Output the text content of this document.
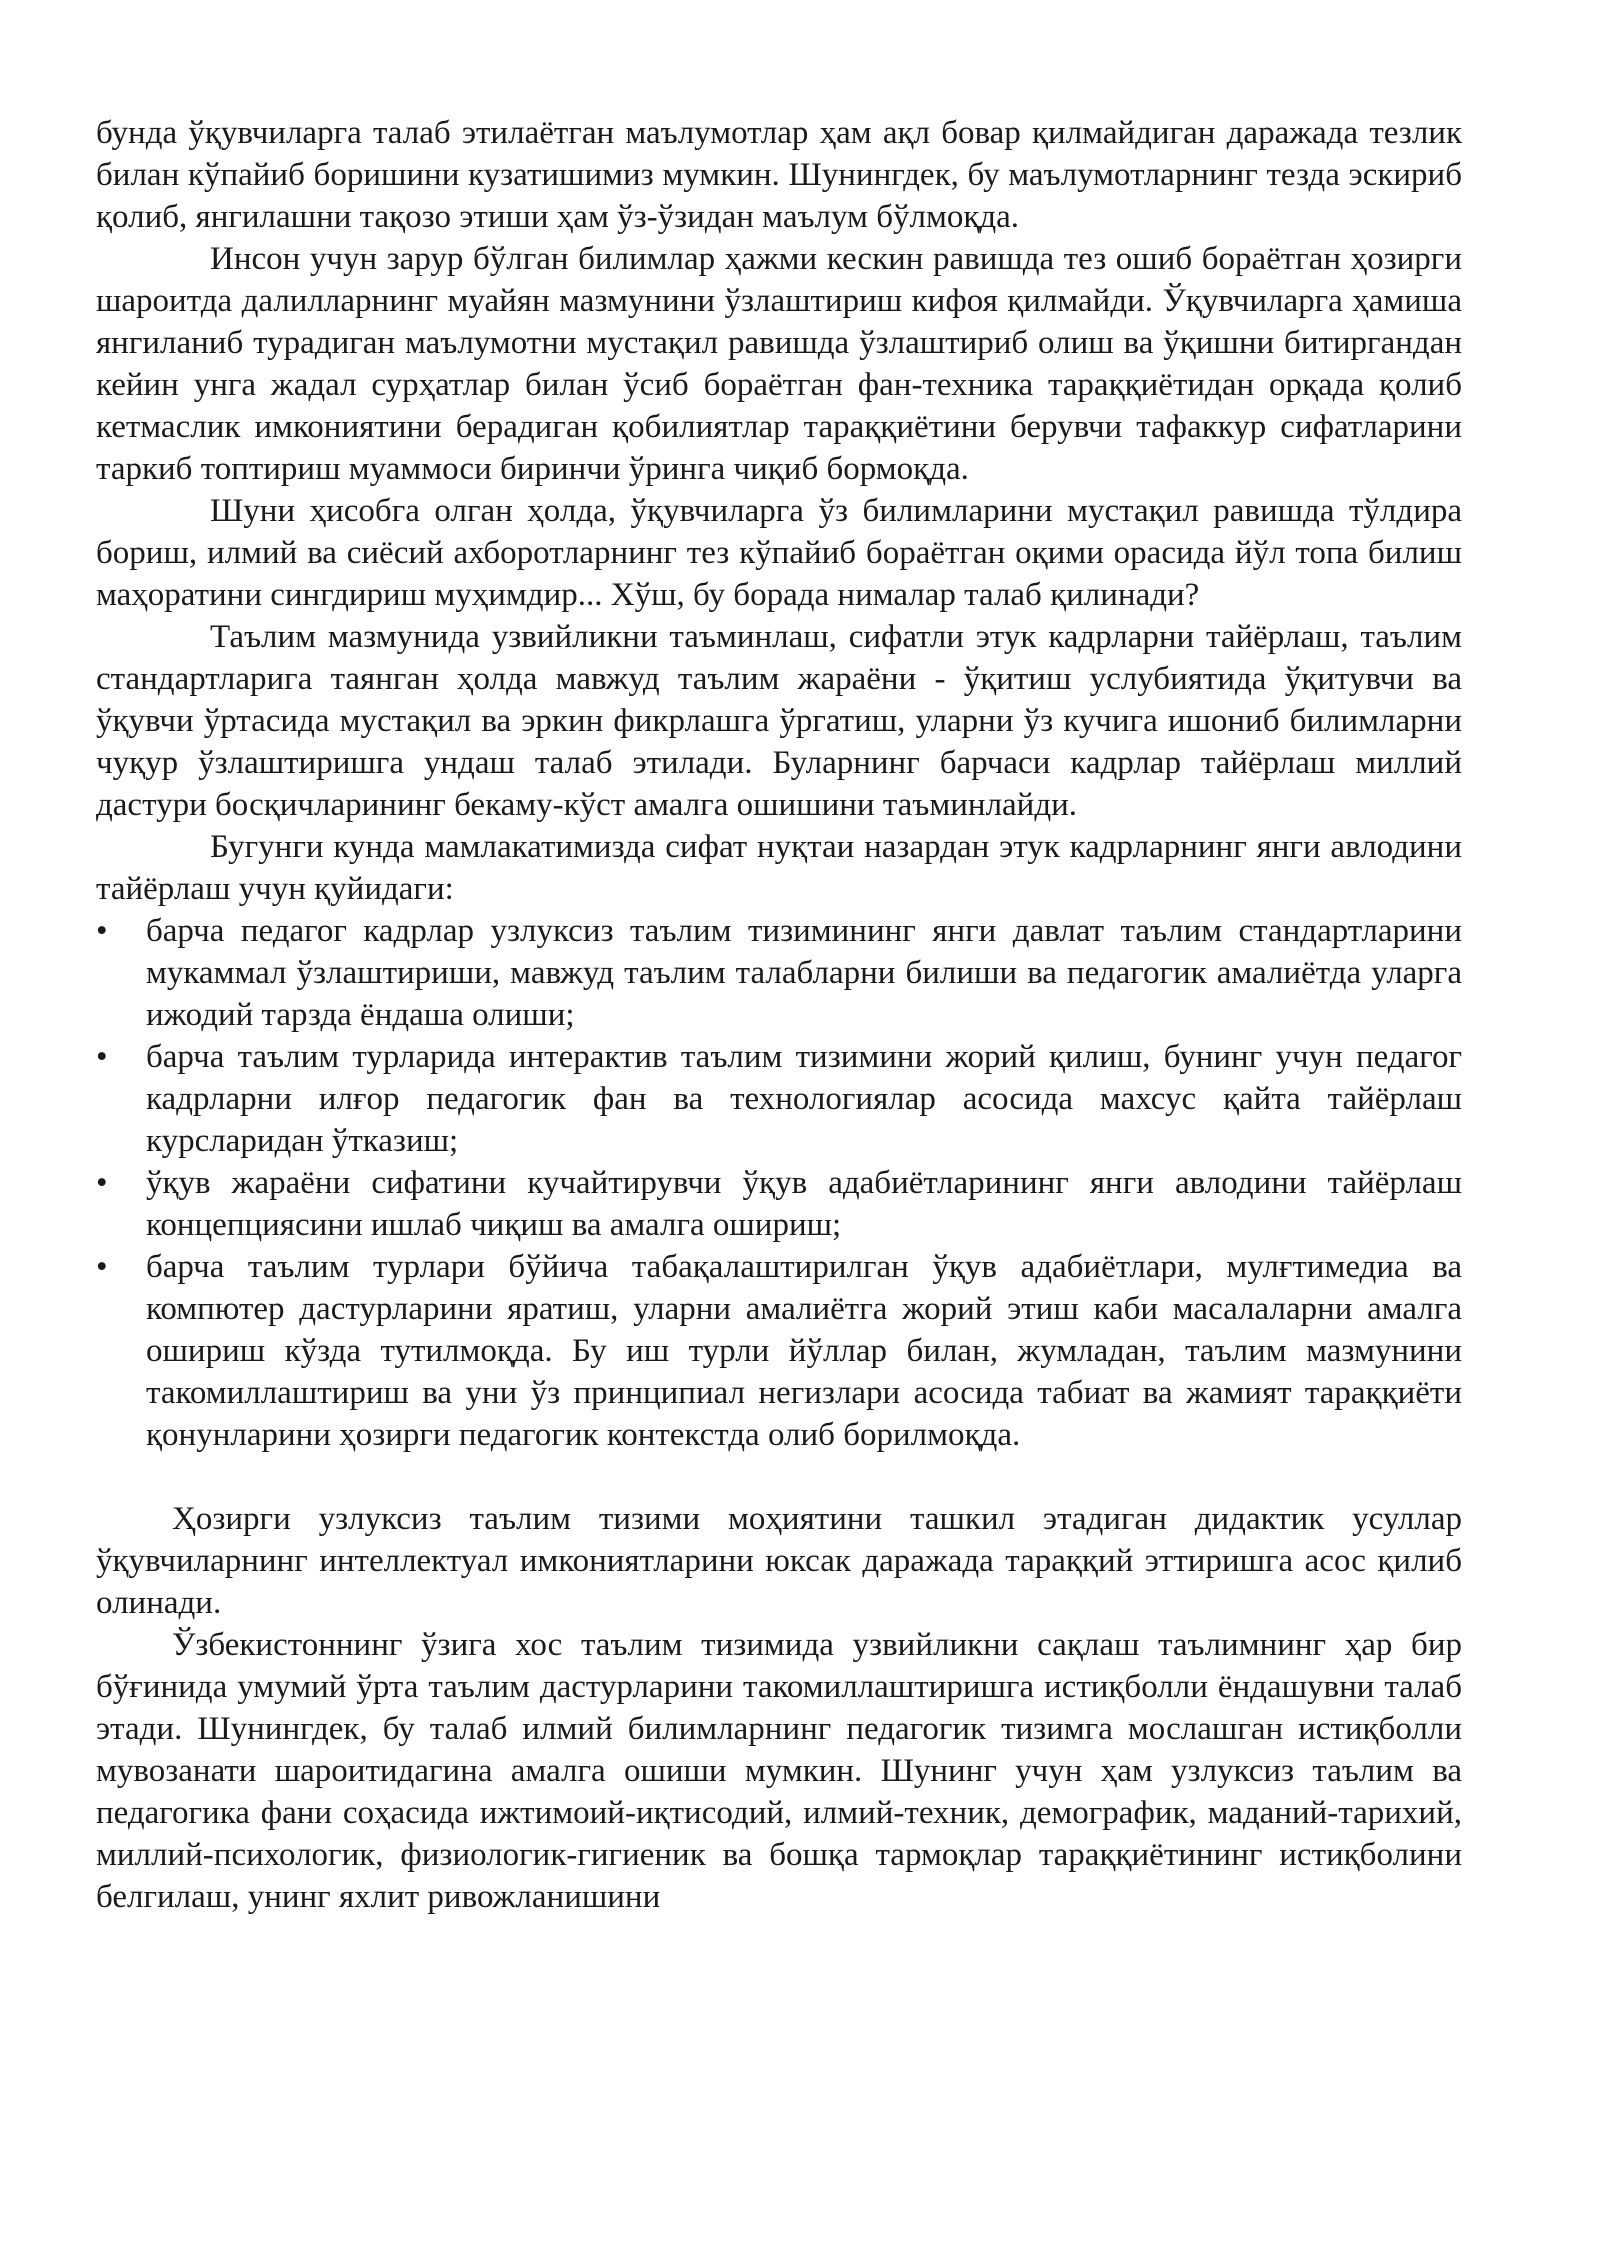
бунда ўқувчиларга талаб этилаётган маълумотлар ҳам ақл бовар қилмайдиган даражада тезлик билан кўпайиб боришини кузатишимиз мумкин. Шунингдек, бу маълумотларнинг тезда эскириб қолиб, янгилашни тақозо этиши ҳам ўз-ўзидан маълум бўлмоқда.

Инсон учун зарур бўлган билимлар ҳажми кескин равишда тез ошиб бораётган ҳозирги шароитда далилларнинг муайян мазмунини ўзлаштириш кифоя қилмайди. Ўқувчиларга ҳамиша янгиланиб турадиган маълумотни мустақил равишда ўзлаштириб олиш ва ўқишни битиргандан кейин унга жадал сурҳатлар билан ўсиб бораётган фан-техника тараққиётидан орқада қолиб кетмаслик имкониятини берадиган қобилиятлар тараққиётини берувчи тафаккур сифатларини таркиб топтириш муаммоси биринчи ўринга чиқиб бормоқда.

Шуни ҳисобга олган ҳолда, ўқувчиларга ўз билимларини мустақил равишда тўлдира бориш, илмий ва сиёсий ахборотларнинг тез кўпайиб бораётган оқими орасида йўл топа билиш маҳоратини сингдириш муҳимдир... Хўш, бу борада нималар талаб қилинади?

Таълим мазмунида узвийликни таъминлаш, сифатли этук кадрларни тайёрлаш, таълим стандартларига таянган ҳолда мавжуд таълим жараёни - ўқитиш услубиятида ўқитувчи ва ўқувчи ўртасида мустақил ва эркин фикрлашга ўргатиш, уларни ўз кучига ишониб билимларни чуқур ўзлаштиришга ундаш талаб этилади. Буларнинг барчаси кадрлар тайёрлаш миллий дастури босқичларининг бекаму-кўст амалга ошишини таъминлайди.

Бугунги кунда мамлакатимизда сифат нуқтаи назардан этук кадрларнинг янги авлодини тайёрлаш учун қуйидаги:

•	барча педагог кадрлар узлуксиз таълим тизимининг янги давлат таълим стандартларини мукаммал ўзлаштириши, мавжуд таълим талабларни билиши ва педагогик амалиётда уларга ижодий тарзда ёндаша олиши;
•	барча таълим турларида интерактив таълим тизимини жорий қилиш, бунинг учун педагог кадрларни илғор педагогик фан ва технологиялар асосида махсус қайта тайёрлаш курсларидан ўтказиш;
•	ўқув жараёни сифатини кучайтирувчи ўқув адабиётларининг янги авлодини тайёрлаш концепциясини ишлаб чиқиш ва амалга ошириш;
•	барча таълим турлари бўйича табақалаштирилган ўқув адабиётлари, мулғтимедиа ва компютер дастурларини яратиш, уларни амалиётга жорий этиш каби масалаларни амалга ошириш кўзда тутилмоқда. Бу иш турли йўллар билан, жумладан, таълим мазмунини такомиллаштириш ва уни ўз принципиал негизлари асосида табиат ва жамият тараққиёти қонунларини ҳозирги педагогик контекстда олиб борилмоқда.

Ҳозирги узлуксиз таълим тизими моҳиятини ташкил этадиган дидактик усуллар ўқувчиларнинг интеллектуал имкониятларини юксак даражада тараққий эттиришга асос қилиб олинади.

Ўзбекистоннинг ўзига хос таълим тизимида узвийликни сақлаш таълимнинг ҳар бир бўғинида умумий ўрта таълим дастурларини такомиллаштиришга истиқболли ёндашувни талаб этади. Шунингдек, бу талаб илмий билимларнинг педагогик тизимга мослашган истиқболли мувозанати шароитидагина амалга ошиши мумкин. Шунинг учун ҳам узлуксиз таълим ва педагогика фани соҳасида ижтимоий-иқтисодий, илмий-техник, демографик, маданий-тарихий, миллий-психологик, физиологик-гигиеник ва бошқа тармоқлар тараққиётининг истиқболини белгилаш, унинг яхлит ривожланишини
